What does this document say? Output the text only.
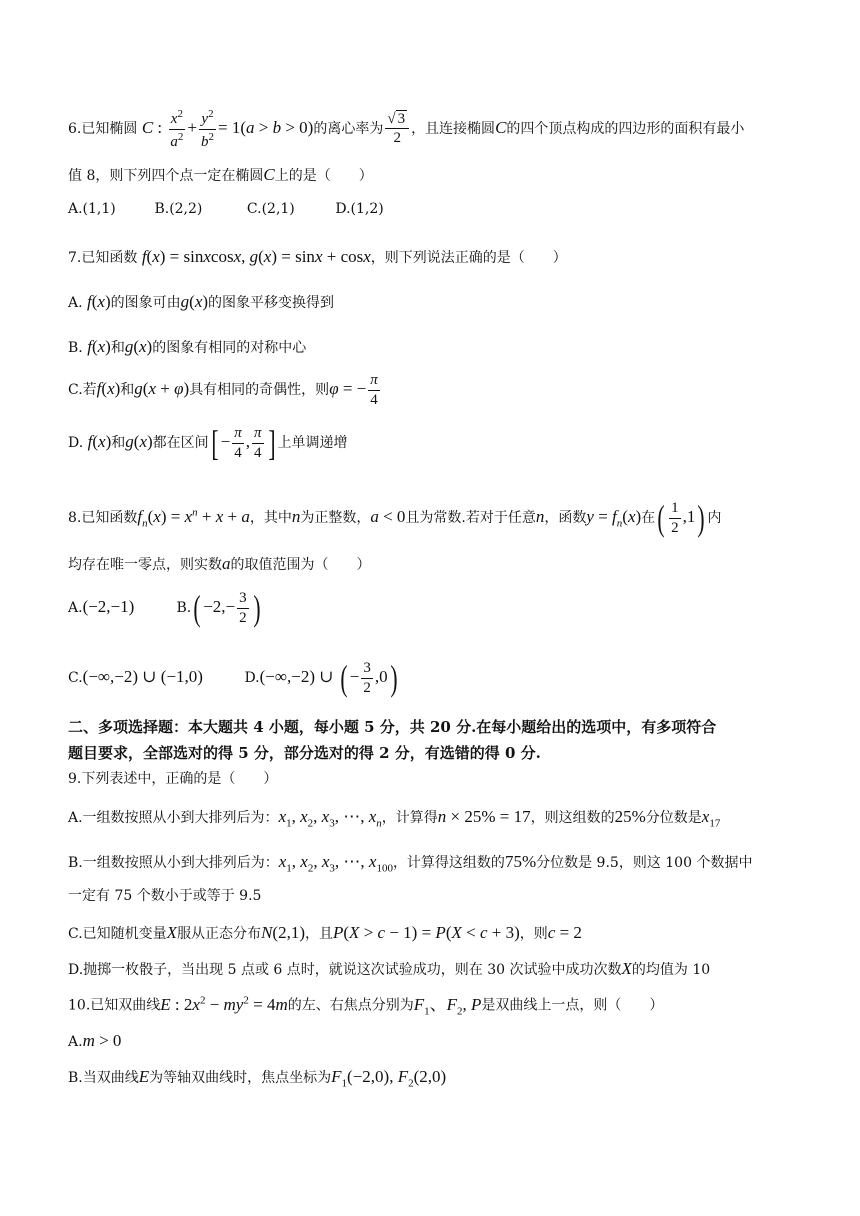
6.已知椭圆 C : $\frac{x^2}{a^2} + \frac{y^2}{b^2} = 1(a > b > 0)$的离心率为 $\frac{√ 3}{2}$ ，且连接椭圆C的四个顶点构成的四边形的面积有最小
值 8，则下列四个点一定在椭圆C上的是（　　）
A.(1,1)	B.(2,2)	C.(2,1)	D.(1,2)
7.已知函数 f(x) = sinxcosx, g(x) = sinx + cosx，则下列说法正确的是（　　）
A. f(x)的图象可由g(x)的图象平移变换得到
B. f(x)和g(x)的图象有相同的对称中心
C.若f(x)和g(x + φ)具有相同的奇偶性，则φ = − $\frac{\pi}{4}$
D. f(x)和g(x)都在区间[ − $\frac{\pi}{4}$ , $\frac{\pi}{4}$ ] 上单调递增
8.已知函数$f_n(x) = x^n + x + a$，其中n为正整数，a < 0且为常数.若对于任意n，函数$y = f_n(x)$在( $\frac{1}{2} ,1$) 内
均存在唯一零点，则实数a的取值范围为（　　）
A.(−2,−1)	$B.( -2,- \frac{3}{2}$ )
C.(−∞,−2) ∪ (−1,0)	D.(−∞,−2) ∪ ( − $\frac{3}{2} ,0$)
二、多项选择题：本大题共 4 小题，每小题 5 分，共 20 分.在每小题给出的选项中，有多项符合
题目要求，全部选对的得 5 分，部分选对的得 2 分，有选错的得 0 分.
9.下列表述中，正确的是（　　）
A.一组数按照从小到大排列后为：$x_1$, $x_2$, $x_3$, ⋯, $x_n$，计算得n × 25% = 17，则这组数的25%分位数是$x_{17}$
B.一组数按照从小到大排列后为：$x_1$, $x_2$, $x_3$, ⋯, $x_{100}$，计算得这组数的75%分位数是 9.5，则这 100 个数据中
一定有 75 个数小于或等于 9.5
C.已知随机变量X服从正态分布N(2,1)，且P(X > c − 1) = P(X < c + 3)，则c = 2
D.抛掷一枚骰子，当出现 5 点或 6 点时，就说这次试验成功，则在 30 次试验中成功次数X的均值为 10
10.已知双曲线E : $2x^2 - my^2 = 4m$的左、右焦点分别为$F_1$、$F_2$, P是双曲线上一点，则（　　）
A.m > 0
B.当双曲线E为等轴双曲线时，焦点坐标为$F_1(-2,0)$, $F_2(2,0)$
